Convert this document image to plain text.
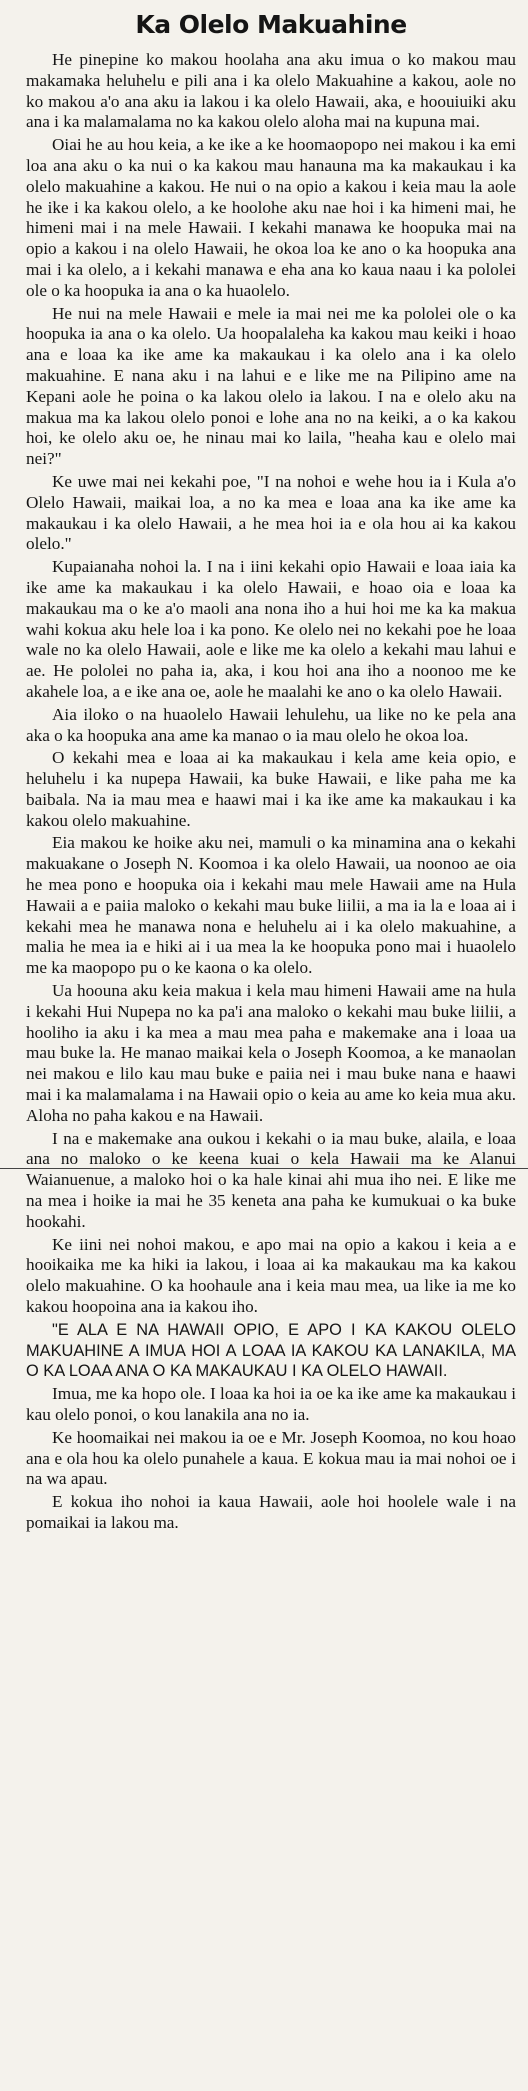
Ka Olelo Makuahine

He pinepine ko makou hoolaha ana aku imua o ko makou mau makamaka heluhelu e pili ana i ka olelo Makuahine a kakou, aole no ko makou a'o ana aku ia lakou i ka olelo Hawaii, aka, e hoouiuiki aku ana i ka malamalama no ka kakou olelo aloha mai na kupuna mai.

Oiai he au hou keia, a ke ike a ke hoomaopopo nei makou i ka emi loa ana aku o ka nui o ka kakou mau hanauna ma ka makaukau i ka olelo makuahine a kakou. He nui o na opio a kakou i keia mau la aole he ike i ka kakou olelo, a ke hoolohe aku nae hoi i ka himeni mai, he himeni mai i na mele Hawaii. I kekahi manawa ke hoopuka mai na opio a kakou i na olelo Hawaii, he okoa loa ke ano o ka hoopuka ana mai i ka olelo, a i kekahi manawa e eha ana ko kaua naau i ka pololei ole o ka hoopuka ia ana o ka huaolelo.

He nui na mele Hawaii e mele ia mai nei me ka pololei ole o ka hoopuka ia ana o ka olelo. Ua hoopalaleha ka kakou mau keiki i hoao ana e loaa ka ike ame ka makaukau i ka olelo ana i ka olelo makuahine. E nana aku i na lahui e e like me na Pilipino ame na Kepani aole he poina o ka lakou olelo ia lakou. I na e olelo aku na makua ma ka lakou olelo ponoi e lohe ana no na keiki, a o ka kakou hoi, ke olelo aku oe, he ninau mai ko laila, "heaha kau e olelo mai nei?"

Ke uwe mai nei kekahi poe, "I na nohoi e wehe hou ia i Kula a'o Olelo Hawaii, maikai loa, a no ka mea e loaa ana ka ike ame ka makaukau i ka olelo Hawaii, a he mea hoi ia e ola hou ai ka kakou olelo."

Kupaianaha nohoi la. I na i iini kekahi opio Hawaii e loaa iaia ka ike ame ka makaukau i ka olelo Hawaii, e hoao oia e loaa ka makaukau ma o ke a'o maoli ana nona iho a hui hoi me ka ka makua wahi kokua aku hele loa i ka pono. Ke olelo nei no kekahi poe he loaa wale no ka olelo Hawaii, aole e like me ka olelo a kekahi mau lahui e ae. He pololei no paha ia, aka, i kou hoi ana iho a noonoo me ke akahele loa, a e ike ana oe, aole he maalahi ke ano o ka olelo Hawaii.

Aia iloko o na huaolelo Hawaii lehulehu, ua like no ke pela ana aka o ka hoopuka ana ame ka manao o ia mau olelo he okoa loa.

O kekahi mea e loaa ai ka makaukau i kela ame keia opio, e heluhelu i ka nupepa Hawaii, ka buke Hawaii, e like paha me ka baibala. Na ia mau mea e haawi mai i ka ike ame ka makaukau i ka kakou olelo makuahine.

Eia makou ke hoike aku nei, mamuli o ka minamina ana o kekahi makuakane o Joseph N. Koomoa i ka olelo Hawaii, ua noonoo ae oia he mea pono e hoopuka oia i kekahi mau mele Hawaii ame na Hula Hawaii a e paiia maloko o kekahi mau buke liilii, a ma ia la e loaa ai i kekahi mea he manawa nona e heluhelu ai i ka olelo makuahine, a malia he mea ia e hiki ai i ua mea la ke hoopuka pono mai i huaolelo me ka maopopo pu o ke kaona o ka olelo.

Ua hoouna aku keia makua i kela mau himeni Hawaii ame na hula i kekahi Hui Nupepa no ka pa'i ana maloko o kekahi mau buke liilii, a hooliho ia aku i ka mea a mau mea paha e makemake ana i loaa ua mau buke la. He manao maikai kela o Joseph Koomoa, a ke manaolan nei makou e lilo kau mau buke e paiia nei i mau buke nana e haawi mai i ka malamalama i na Hawaii opio o keia au ame ko keia mua aku. Aloha no paha kakou e na Hawaii.

I na e makemake ana oukou i kekahi o ia mau buke, alaila, e loaa ana no maloko o ke keena kuai o kela Hawaii ma ke Alanui Waianuenue, a maloko hoi o ka hale kinai ahi mua iho nei. E like me na mea i hoike ia mai he 35 keneta ana paha ke kumukuai o ka buke hookahi.

Ke iini nei nohoi makou, e apo mai na opio a kakou i keia a e hooikaika me ka hiki ia lakou, i loaa ai ka makaukau ma ka kakou olelo makuahine. O ka hoohaule ana i keia mau mea, ua like ia me ko kakou hoopoina ana ia kakou iho.

"E ALA E NA HAWAII OPIO, E APO I KA KAKOU OLELO MAKUAHINE A IMUA HOI A LOAA IA KAKOU KA LANAKILA, MA O KA LOAA ANA O KA MAKAUKAU I KA OLELO HAWAII.

Imua, me ka hopo ole. I loaa ka hoi ia oe ka ike ame ka makaukau i kau olelo ponoi, o kou lanakila ana no ia.

Ke hoomaikai nei makou ia oe e Mr. Joseph Koomoa, no kou hoao ana e ola hou ka olelo punahele a kaua. E kokua mau ia mai nohoi oe i na wa apau.

E kokua iho nohoi ia kaua Hawaii, aole hoi hoolele wale i na pomaikai ia lakou ma.
